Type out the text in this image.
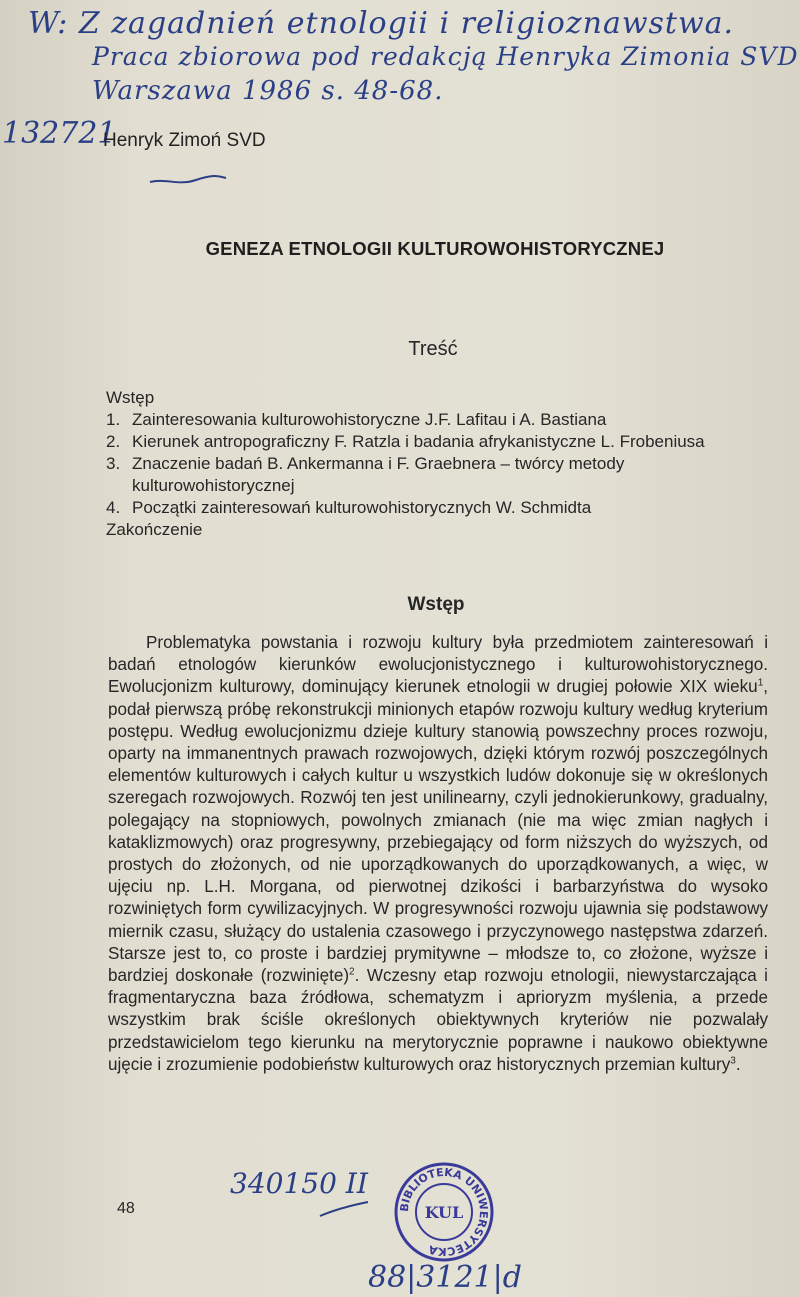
W: Z zagadnień etnologii i religioznawstwa.
Praca zbiorowa pod redakcją Henryka Zimonia SVD
Warszawa 1986 s. 48-68.
132721
Henryk Zimoń SVD
GENEZA ETNOLOGII KULTUROWOHISTORYCZNEJ
Treść
Wstęp
1. Zainteresowania kulturowohistoryczne J.F. Lafitau i A. Bastiana
2. Kierunek antropograficzny F. Ratzla i badania afrykanistyczne L. Frobeniusa
3. Znaczenie badań B. Ankermanna i F. Graebnera – twórcy metody kulturowohistorycznej
4. Początki zainteresowań kulturowohistorycznych W. Schmidta
Zakończenie
Wstęp
Problematyka powstania i rozwoju kultury była przedmiotem zainteresowań i badań etnologów kierunków ewolucjonistycznego i kulturowohistorycznego. Ewolucjonizm kulturowy, dominujący kierunek etnologii w drugiej połowie XIX wieku$^1$, podał pierwszą próbę rekonstrukcji minionych etapów rozwoju kultury według kryterium postępu. Według ewolucjonizmu dzieje kultury stanowią powszechny proces rozwoju, oparty na immanentnych prawach rozwojowych, dzięki którym rozwój poszczególnych elementów kulturowych i całych kultur u wszystkich ludów dokonuje się w określonych szeregach rozwojowych. Rozwój ten jest unilinearny, czyli jednokierunkowy, gradualny, polegający na stopniowych, powolnych zmianach (nie ma więc zmian nagłych i kataklizmowych) oraz progresywny, przebiegający od form niższych do wyższych, od prostych do złożonych, od nie uporządkowanych do uporządkowanych, a więc, w ujęciu np. L.H. Morgana, od pierwotnej dzikości i barbarzyństwa do wysoko rozwiniętych form cywilizacyjnych. W progresywności rozwoju ujawnia się podstawowy miernik czasu, służący do ustalenia czasowego i przyczynowego następstwa zdarzeń. Starsze jest to, co proste i bardziej prymitywne – młodsze to, co złożone, wyższe i bardziej doskonałe (rozwinięte)$^2$. Wczesny etap rozwoju etnologii, niewystarczająca i fragmentaryczna baza źródłowa, schematyzm i aprioryzm myślenia, a przede wszystkim brak ściśle określonych obiektywnych kryteriów nie pozwalały przedstawicielom tego kierunku na merytorycznie poprawne i naukowo obiektywne ujęcie i zrozumienie podobieństw kulturowych oraz historycznych przemian kultury$^3$.
48
340150 II
BIBLIOTEKA UNIWERSYTECKA
KUL
88|3121|d
